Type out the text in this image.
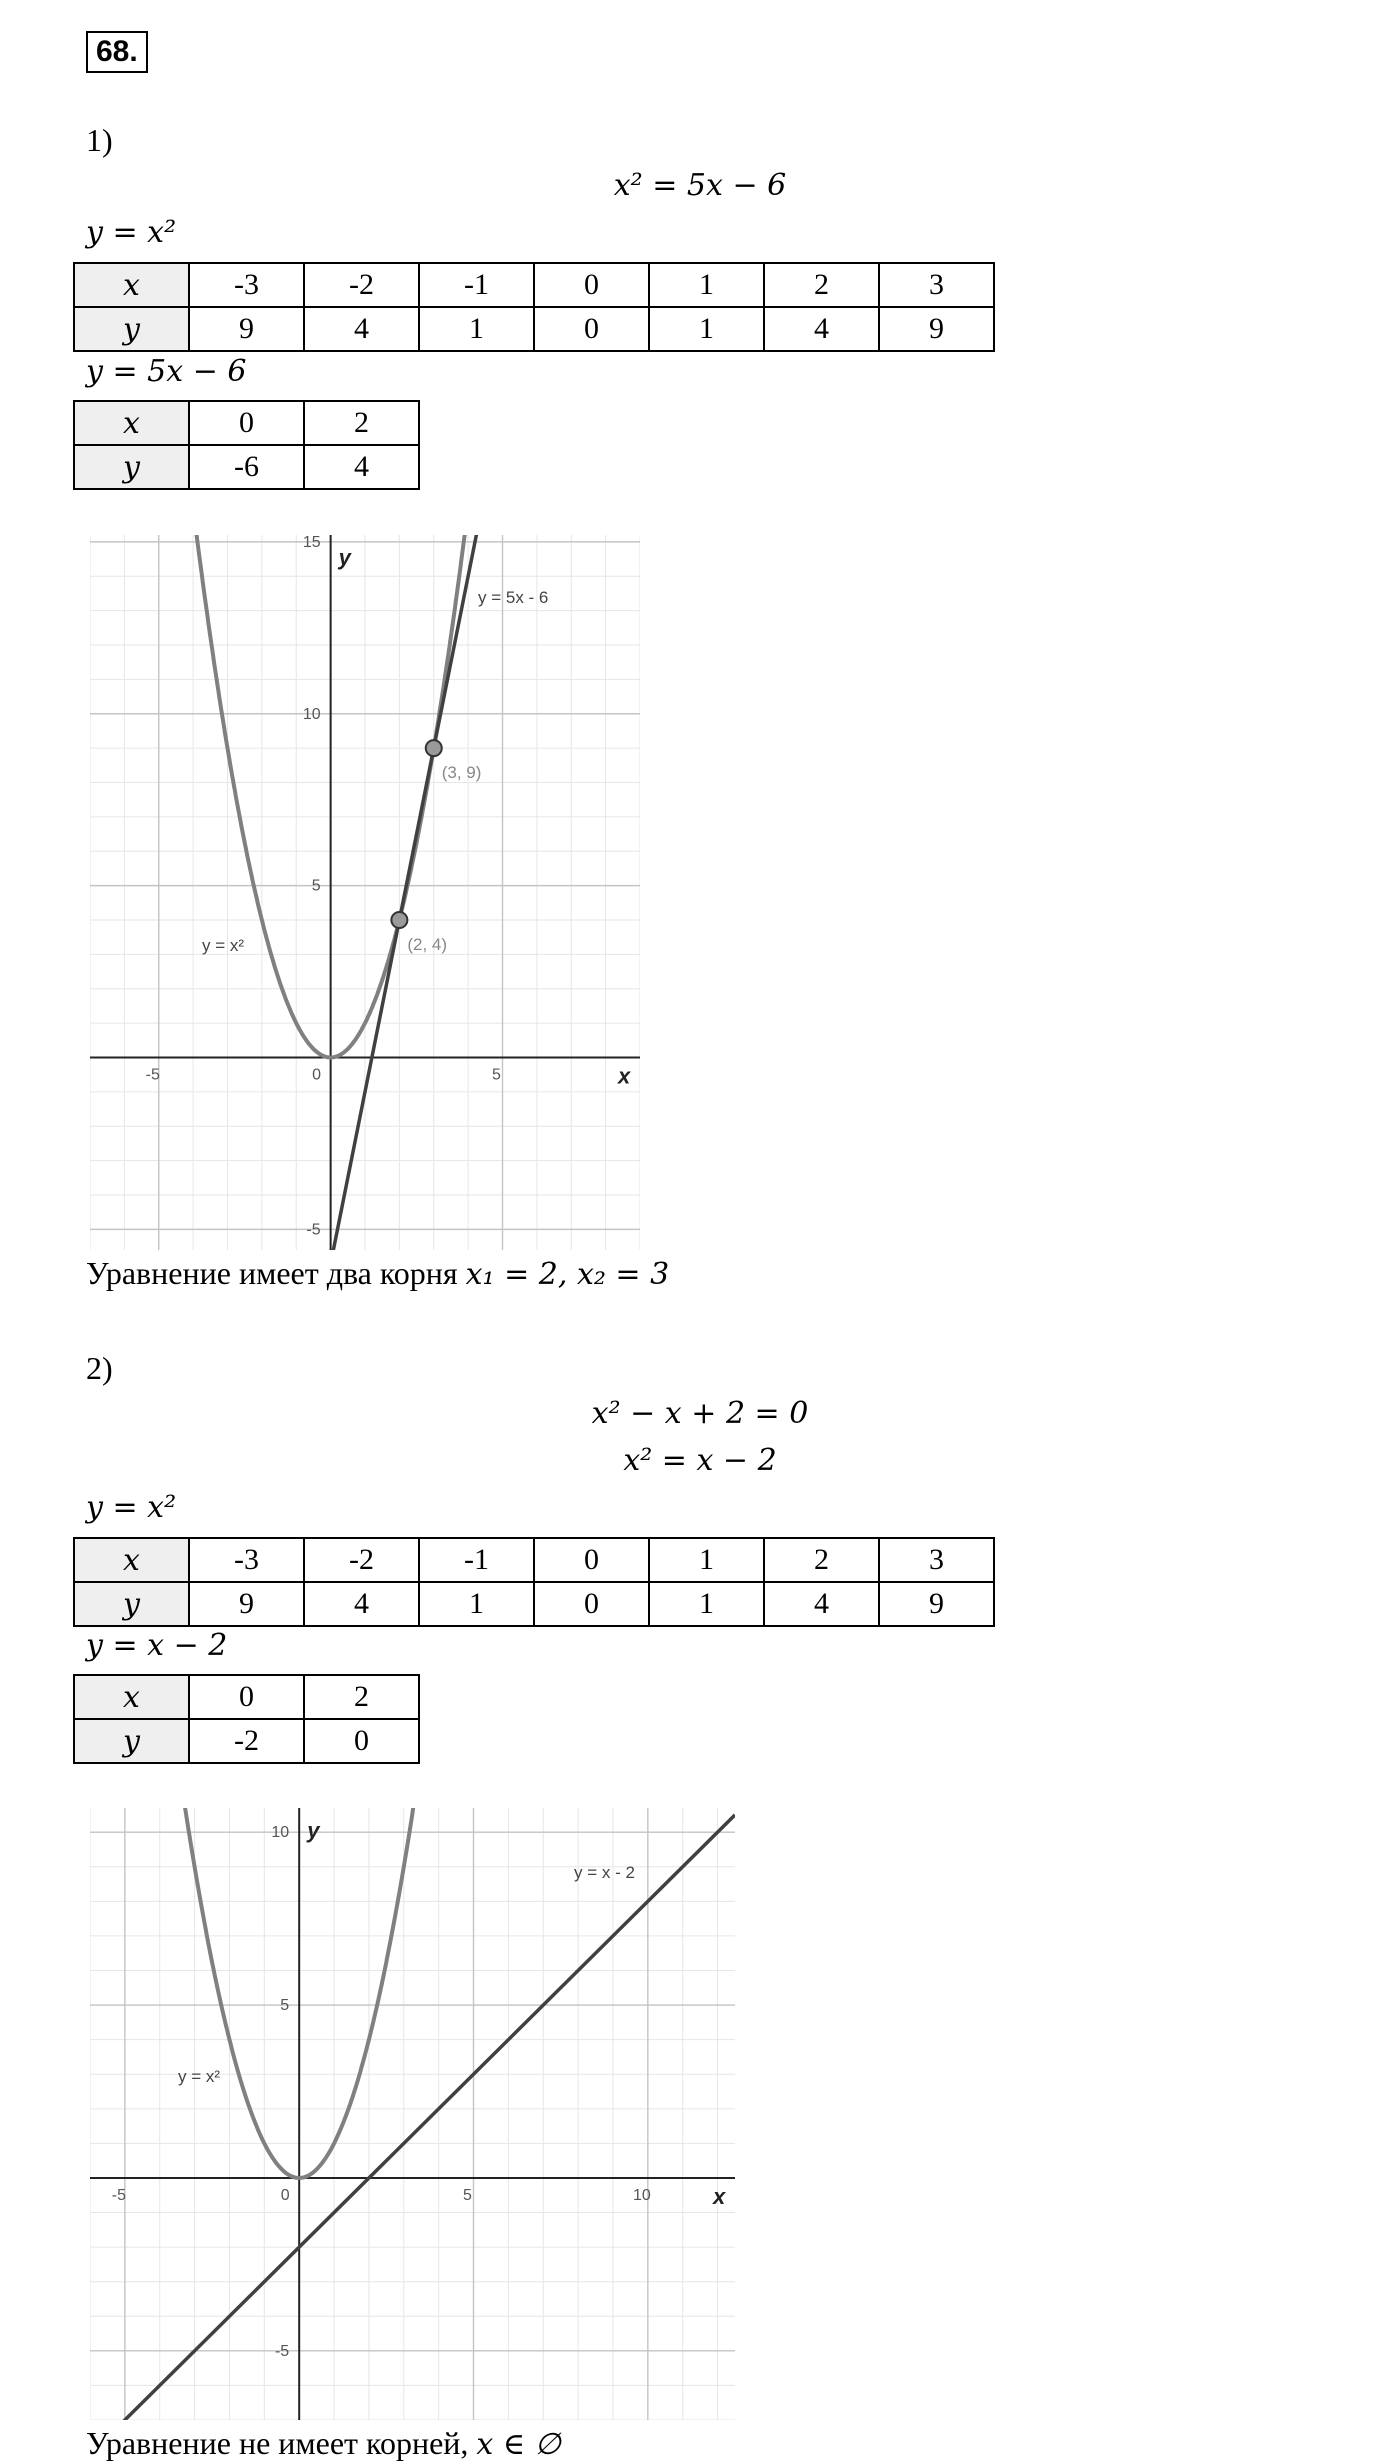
68.
1)
x² = 5x − 6
y = x²
x	-3	-2	-1	0	1	2	3
y	9	4	1	0	1	4	9
y = 5x − 6
x	0	2
y	-6	4
-5	0	5
5
10
15
-5
x
y
y = x²
y = 5x - 6
(2, 4)
(3, 9)
Уравнение имеет два корня x₁ = 2, x₂ = 3
2)
x² − x + 2 = 0
x² = x − 2
y = x²
x	-3	-2	-1	0	1	2	3
y	9	4	1	0	1	4	9
y = x − 2
x	0	2
y	-2	0
-5	0	5	10
5
10
-5
x
y
y = x²
y = x - 2
Уравнение не имеет корней, x ∈ ∅
